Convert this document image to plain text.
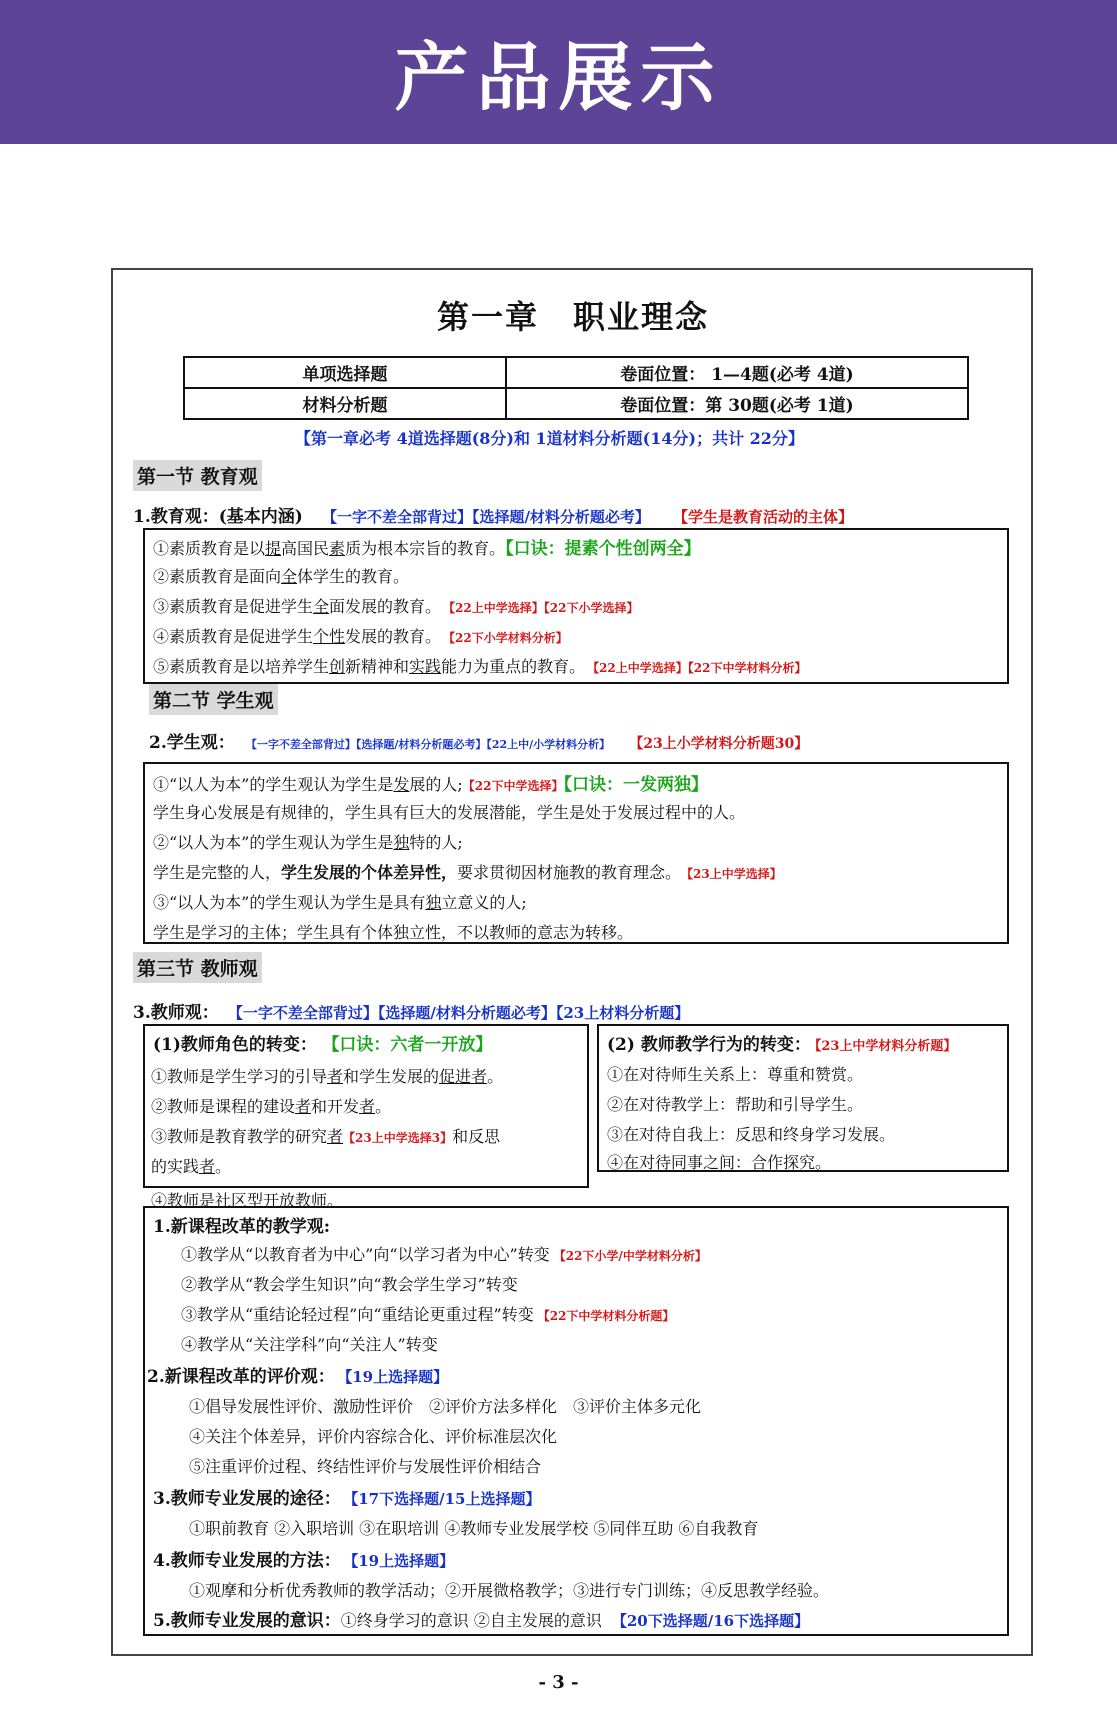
产品展示
第一章　职业理念
单项选择题	卷面位置： 1—4题(必考 4道)
材料分析题	卷面位置：第 30题(必考 1道)
【第一章必考 4道选择题(8分)和 1道材料分析题(14分)；共计 22分】
第一节 教育观
1.教育观：(基本内涵) 【一字不差全部背过】【选择题/材料分析题必考】 【学生是教育活动的主体】
①素质教育是以提高国民素质为根本宗旨的教育。【口诀：提素个性创两全】
②素质教育是面向全体学生的教育。
③素质教育是促进学生全面发展的教育。 【22上中学选择】【22下小学选择】
④素质教育是促进学生个性发展的教育。 【22下小学材料分析】
⑤素质教育是以培养学生创新精神和实践能力为重点的教育。 【22上中学选择】【22下中学材料分析】
第二节 学生观
2.学生观： 【一字不差全部背过】【选择题/材料分析题必考】【22上中/小学材料分析】 【23上小学材料分析题30】
①“以人为本”的学生观认为学生是发展的人;【22下中学选择】【口诀：一发两独】
学生身心发展是有规律的，学生具有巨大的发展潜能，学生是处于发展过程中的人。
②“以人为本”的学生观认为学生是独特的人;
学生是完整的人，学生发展的个体差异性，要求贯彻因材施教的教育理念。 【23上中学选择】
③“以人为本”的学生观认为学生是具有独立意义的人;
学生是学习的主体；学生具有个体独立性，不以教师的意志为转移。
第三节 教师观
3.教师观： 【一字不差全部背过】【选择题/材料分析题必考】【23上材料分析题】
(1)教师角色的转变： 【口诀：六者一开放】
①教师是学生学习的引导者和学生发展的促进者。
②教师是课程的建设者和开发者。
③教师是教育教学的研究者【23上中学选择3】和反思
的实践者。
④教师是社区型开放教师。
(2) 教师教学行为的转变： 【23上中学材料分析题】
①在对待师生关系上：尊重和赞赏。
②在对待教学上：帮助和引导学生。
③在对待自我上：反思和终身学习发展。
④在对待同事之间：合作探究。
1.新课程改革的教学观:
①教学从“以教育者为中心”向“以学习者为中心”转变 【22下小学/中学材料分析】
②教学从“教会学生知识”向“教会学生学习”转变
③教学从“重结论轻过程”向“重结论更重过程”转变 【22下中学材料分析题】
④教学从“关注学科”向“关注人”转变
2.新课程改革的评价观： 【19上选择题】
①倡导发展性评价、激励性评价　②评价方法多样化　③评价主体多元化
④关注个体差异，评价内容综合化、评价标准层次化
⑤注重评价过程、终结性评价与发展性评价相结合
3.教师专业发展的途径： 【17下选择题/15上选择题】
①职前教育 ②入职培训 ③在职培训 ④教师专业发展学校 ⑤同伴互助 ⑥自我教育
4.教师专业发展的方法： 【19上选择题】
①观摩和分析优秀教师的教学活动；②开展微格教学；③进行专门训练；④反思教学经验。
5.教师专业发展的意识：①终身学习的意识 ②自主发展的意识 【20下选择题/16下选择题】
- 3 -
